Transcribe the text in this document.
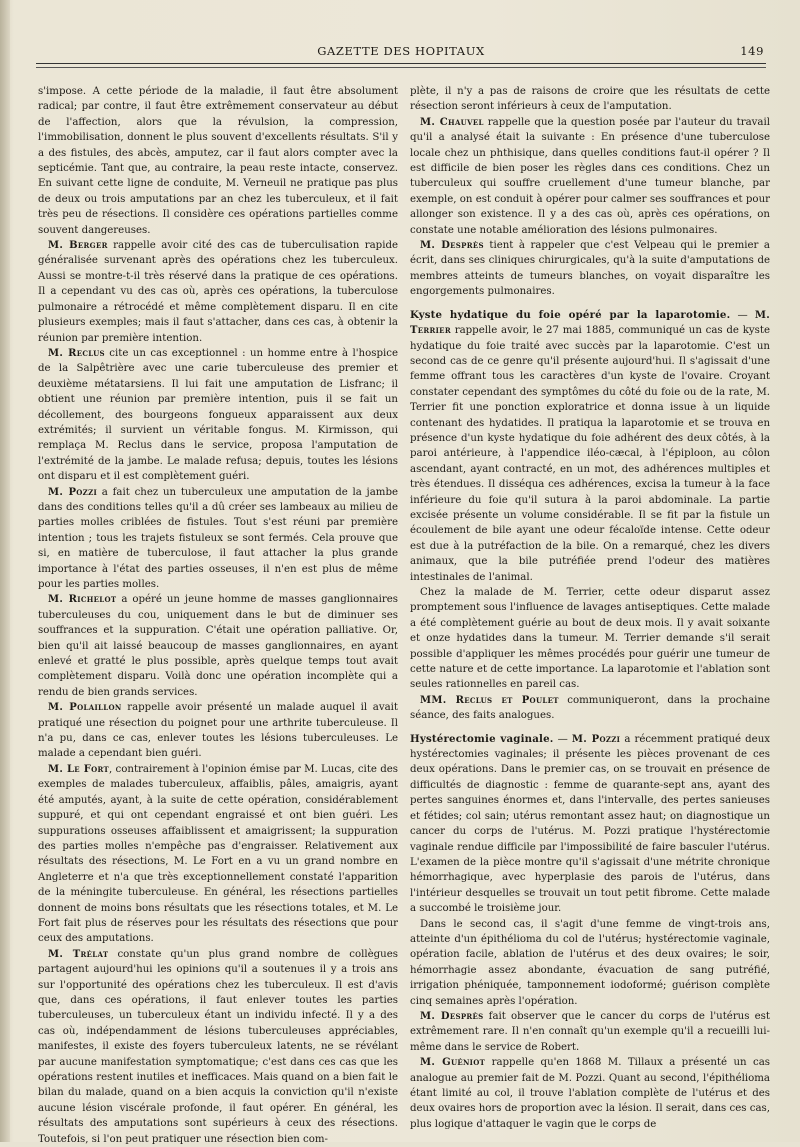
GAZETTE DES HOPITAUX	149

s'impose. A cette période de la maladie, il faut être absolument radical; par contre, il faut être extrêmement conservateur au début de l'affection, alors que la révulsion, la compression, l'immobilisation, donnent le plus souvent d'excellents résultats. S'il y a des fistules, des abcès, amputez, car il faut alors compter avec la septicémie. Tant que, au contraire, la peau reste intacte, conservez. En suivant cette ligne de conduite, M. Verneuil ne pratique pas plus de deux ou trois amputations par an chez les tuberculeux, et il fait très peu de résections. Il considère ces opérations partielles comme souvent dangereuses.

M. Berger rappelle avoir cité des cas de tuberculisation rapide généralisée survenant après des opérations chez les tuberculeux. Aussi se montre-t-il très réservé dans la pratique de ces opérations. Il a cependant vu des cas où, après ces opérations, la tuberculose pulmonaire a rétrocédé et même complètement disparu. Il en cite plusieurs exemples; mais il faut s'attacher, dans ces cas, à obtenir la réunion par première intention.

M. Reclus cite un cas exceptionnel : un homme entre à l'hospice de la Salpêtrière avec une carie tuberculeuse des premier et deuxième métatarsiens. Il lui fait une amputation de Lisfranc; il obtient une réunion par première intention, puis il se fait un décollement, des bourgeons fongueux apparaissent aux deux extrémités; il survient un véritable fongus. M. Kirmisson, qui remplaça M. Reclus dans le service, proposa l'amputation de l'extrémité de la jambe. Le malade refusa; depuis, toutes les lésions ont disparu et il est complètement guéri.

M. Pozzi a fait chez un tuberculeux une amputation de la jambe dans des conditions telles qu'il a dû créer ses lambeaux au milieu de parties molles criblées de fistules. Tout s'est réuni par première intention ; tous les trajets fistuleux se sont fermés. Cela prouve que si, en matière de tuberculose, il faut attacher la plus grande importance à l'état des parties osseuses, il n'en est plus de même pour les parties molles.

M. Richelot a opéré un jeune homme de masses ganglionnaires tuberculeuses du cou, uniquement dans le but de diminuer ses souffrances et la suppuration. C'était une opération palliative. Or, bien qu'il ait laissé beaucoup de masses ganglionnaires, en ayant enlevé et gratté le plus possible, après quelque temps tout avait complètement disparu. Voilà donc une opération incomplète qui a rendu de bien grands services.

M. Polaillon rappelle avoir présenté un malade auquel il avait pratiqué une résection du poignet pour une arthrite tuberculeuse. Il n'a pu, dans ce cas, enlever toutes les lésions tuberculeuses. Le malade a cependant bien guéri.

M. Le Fort, contrairement à l'opinion émise par M. Lucas, cite des exemples de malades tuberculeux, affaiblis, pâles, amaigris, ayant été amputés, ayant, à la suite de cette opération, considérablement suppuré, et qui ont cependant engraissé et ont bien guéri. Les suppurations osseuses affaiblissent et amaigrissent; la suppuration des parties molles n'empêche pas d'engraisser. Relativement aux résultats des résections, M. Le Fort en a vu un grand nombre en Angleterre et n'a que très exceptionnellement constaté l'apparition de la méningite tuberculeuse. En général, les résections partielles donnent de moins bons résultats que les résections totales, et M. Le Fort fait plus de réserves pour les résultats des résections que pour ceux des amputations.

M. Trélat constate qu'un plus grand nombre de collègues partagent aujourd'hui les opinions qu'il a soutenues il y a trois ans sur l'opportunité des opérations chez les tuberculeux. Il est d'avis que, dans ces opérations, il faut enlever toutes les parties tuberculeuses, un tuberculeux étant un individu infecté. Il y a des cas où, indépendamment de lésions tuberculeuses appréciables, manifestes, il existe des foyers tuberculeux latents, ne se révélant par aucune manifestation symptomatique; c'est dans ces cas que les opérations restent inutiles et inefficaces. Mais quand on a bien fait le bilan du malade, quand on a bien acquis la conviction qu'il n'existe aucune lésion viscérale profonde, il faut opérer. En général, les résultats des amputations sont supérieurs à ceux des résections. Toutefois, si l'on peut pratiquer une résection bien com-

plète, il n'y a pas de raisons de croire que les résultats de cette résection seront inférieurs à ceux de l'amputation.

M. Chauvel rappelle que la question posée par l'auteur du travail qu'il a analysé était la suivante : En présence d'une tuberculose locale chez un phthisique, dans quelles conditions faut-il opérer ? Il est difficile de bien poser les règles dans ces conditions. Chez un tuberculeux qui souffre cruellement d'une tumeur blanche, par exemple, on est conduit à opérer pour calmer ses souffrances et pour allonger son existence. Il y a des cas où, après ces opérations, on constate une notable amélioration des lésions pulmonaires.

M. Desprès tient à rappeler que c'est Velpeau qui le premier a écrit, dans ses cliniques chirurgicales, qu'à la suite d'amputations de membres atteints de tumeurs blanches, on voyait disparaître les engorgements pulmonaires.

Kyste hydatique du foie opéré par la laparotomie. — M. Terrier rappelle avoir, le 27 mai 1885, communiqué un cas de kyste hydatique du foie traité avec succès par la laparotomie. C'est un second cas de ce genre qu'il présente aujourd'hui. Il s'agissait d'une femme offrant tous les caractères d'un kyste de l'ovaire. Croyant constater cependant des symptômes du côté du foie ou de la rate, M. Terrier fit une ponction exploratrice et donna issue à un liquide contenant des hydatides. Il pratiqua la laparotomie et se trouva en présence d'un kyste hydatique du foie adhérent des deux côtés, à la paroi antérieure, à l'appendice iléo-cæcal, à l'épiploon, au côlon ascendant, ayant contracté, en un mot, des adhérences multiples et très étendues. Il disséqua ces adhérences, excisa la tumeur à la face inférieure du foie qu'il sutura à la paroi abdominale. La partie excisée présente un volume considérable. Il se fit par la fistule un écoulement de bile ayant une odeur fécaloïde intense. Cette odeur est due à la putréfaction de la bile. On a remarqué, chez les divers animaux, que la bile putréfiée prend l'odeur des matières intestinales de l'animal.

Chez la malade de M. Terrier, cette odeur disparut assez promptement sous l'influence de lavages antiseptiques. Cette malade a été complètement guérie au bout de deux mois. Il y avait soixante et onze hydatides dans la tumeur. M. Terrier demande s'il serait possible d'appliquer les mêmes procédés pour guérir une tumeur de cette nature et de cette importance. La laparotomie et l'ablation sont seules rationnelles en pareil cas.

MM. Reclus et Poulet communiqueront, dans la prochaine séance, des faits analogues.

Hystérectomie vaginale. — M. Pozzi a récemment pratiqué deux hystérectomies vaginales; il présente les pièces provenant de ces deux opérations. Dans le premier cas, on se trouvait en présence de difficultés de diagnostic : femme de quarante-sept ans, ayant des pertes sanguines énormes et, dans l'intervalle, des pertes sanieuses et fétides; col sain; utérus remontant assez haut; on diagnostique un cancer du corps de l'utérus. M. Pozzi pratique l'hystérectomie vaginale rendue difficile par l'impossibilité de faire basculer l'utérus. L'examen de la pièce montre qu'il s'agissait d'une métrite chronique hémorrhagique, avec hyperplasie des parois de l'utérus, dans l'intérieur desquelles se trouvait un tout petit fibrome. Cette malade a succombé le troisième jour.

Dans le second cas, il s'agit d'une femme de vingt-trois ans, atteinte d'un épithélioma du col de l'utérus; hystérectomie vaginale, opération facile, ablation de l'utérus et des deux ovaires; le soir, hémorrhagie assez abondante, évacuation de sang putréfié, irrigation phéniquée, tamponnement iodoformé; guérison complète cinq semaines après l'opération.

M. Desprès fait observer que le cancer du corps de l'utérus est extrêmement rare. Il n'en connaît qu'un exemple qu'il a recueilli lui-même dans le service de Robert.

M. Guéniot rappelle qu'en 1868 M. Tillaux a présenté un cas analogue au premier fait de M. Pozzi. Quant au second, l'épithélioma étant limité au col, il trouve l'ablation complète de l'utérus et des deux ovaires hors de proportion avec la lésion. Il serait, dans ces cas, plus logique d'attaquer le vagin que le corps de
